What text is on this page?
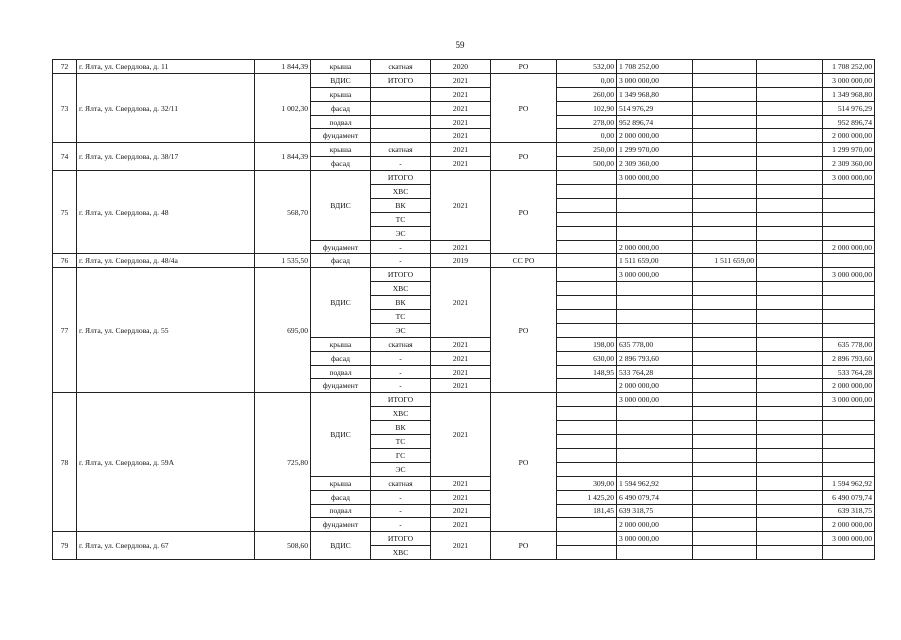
59
72	г. Ялта, ул. Свердлова, д. 11	1 844,39	крыша	скатная	2020	РО	532,00	1 708 252,00			1 708 252,00
73	г. Ялта, ул. Свердлова, д. 32/11	1 002,30	ВДИС	ИТОГО	2021	РО	0,00	3 000 000,00			3 000 000,00
			крыша		2021		260,00	1 349 968,80			1 349 968,80
			фасад		2021		102,90	514 976,29			514 976,29
			подвал		2021		278,00	952 896,74			952 896,74
			фундамент		2021		0,00	2 000 000,00			2 000 000,00
74	г. Ялта, ул. Свердлова, д. 38/17	1 844,39	крыша	скатная	2021	РО	250,00	1 299 970,00			1 299 970,00
			фасад	-	2021		500,00	2 309 360,00			2 309 360,00
75	г. Ялта, ул. Свердлова, д. 48	568,70	ВДИС	ИТОГО	2021	РО		3 000 000,00			3 000 000,00
				ХВС							
				ВК							
				ТС							
				ЭС							
			фундамент	-	2021			2 000 000,00			2 000 000,00
76	г. Ялта, ул. Свердлова, д. 48/4а	1 535,50	фасад	-	2019	СС РО		1 511 659,00	1 511 659,00		
77	г. Ялта, ул. Свердлова, д. 55	695,00	ВДИС	ИТОГО	2021	РО		3 000 000,00			3 000 000,00
				ХВС							
				ВК							
				ТС							
				ЭС							
			крыша	скатная	2021		198,00	635 778,00			635 778,00
			фасад	-	2021		630,00	2 896 793,60			2 896 793,60
			подвал	-	2021		148,95	533 764,28			533 764,28
			фундамент	-	2021			2 000 000,00			2 000 000,00
78	г. Ялта, ул. Свердлова, д. 59А	725,80	ВДИС	ИТОГО	2021	РО		3 000 000,00			3 000 000,00
				ХВС							
				ВК							
				ТС							
				ГС							
				ЭС							
			крыша	скатная	2021		309,00	1 594 962,92			1 594 962,92
			фасад	-	2021		1 425,20	6 490 079,74			6 490 079,74
			подвал	-	2021		181,45	639 318,75			639 318,75
			фундамент	-	2021			2 000 000,00			2 000 000,00
79	г. Ялта, ул. Свердлова, д. 67	508,60	ВДИС	ИТОГО	2021	РО		3 000 000,00			3 000 000,00
				ХВС							
